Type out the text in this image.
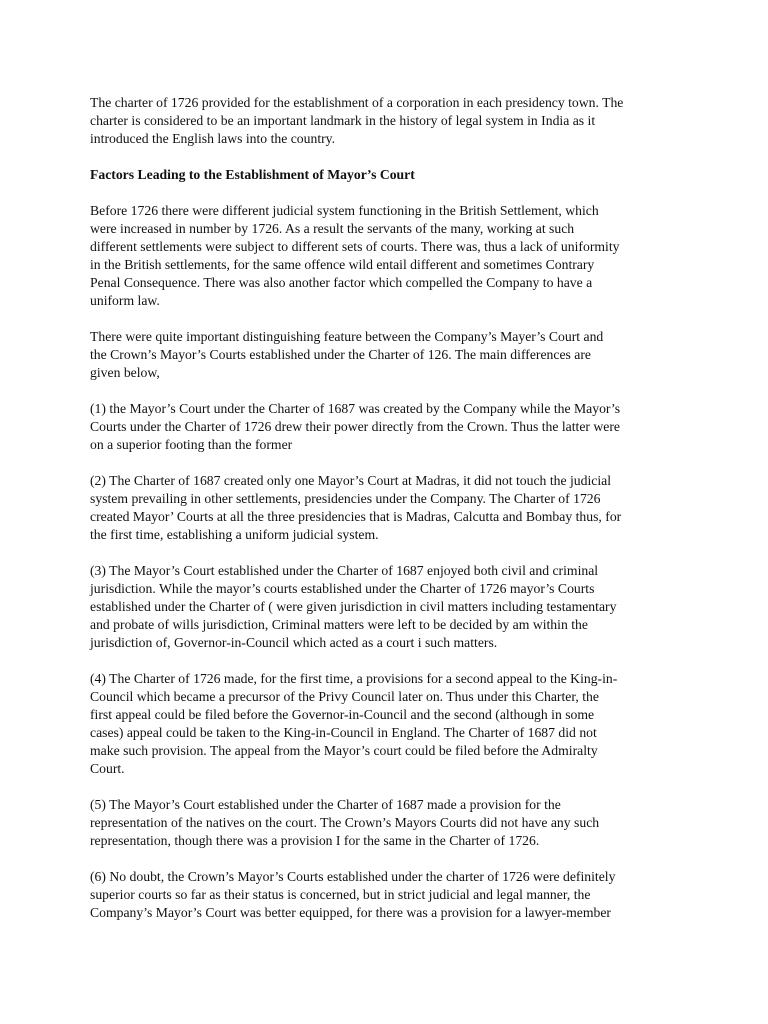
The charter of 1726 provided for the establishment of a corporation in each presidency town. The
charter is considered to be an important landmark in the history of legal system in India as it
introduced the English laws into the country.

Factors Leading to the Establishment of Mayor’s Court

Before 1726 there were different judicial system functioning in the British Settlement, which
were increased in number by 1726. As a result the servants of the many, working at such
different settlements were subject to different sets of courts. There was, thus a lack of uniformity
in the British settlements, for the same offence wild entail different and sometimes Contrary
Penal Consequence. There was also another factor which compelled the Company to have a
uniform law.

There were quite important distinguishing feature between the Company’s Mayer’s Court and
the Crown’s Mayor’s Courts established under the Charter of 126. The main differences are
given below,

(1) the Mayor’s Court under the Charter of 1687 was created by the Company while the Mayor’s
Courts under the Charter of 1726 drew their power directly from the Crown. Thus the latter were
on a superior footing than the former

(2) The Charter of 1687 created only one Mayor’s Court at Madras, it did not touch the judicial
system prevailing in other settlements, presidencies under the Company. The Charter of 1726
created Mayor’ Courts at all the three presidencies that is Madras, Calcutta and Bombay thus, for
the first time, establishing a uniform judicial system.

(3) The Mayor’s Court established under the Charter of 1687 enjoyed both civil and criminal
jurisdiction. While the mayor’s courts established under the Charter of 1726 mayor’s Courts
established under the Charter of ( were given jurisdiction in civil matters including testamentary
and probate of wills jurisdiction, Criminal matters were left to be decided by am within the
jurisdiction of, Governor-in-Council which acted as a court i such matters.

(4) The Charter of 1726 made, for the first time, a provisions for a second appeal to the King-in-
Council which became a precursor of the Privy Council later on. Thus under this Charter, the
first appeal could be filed before the Governor-in-Council and the second (although in some
cases) appeal could be taken to the King-in-Council in England. The Charter of 1687 did not
make such provision. The appeal from the Mayor’s court could be filed before the Admiralty
Court.

(5) The Mayor’s Court established under the Charter of 1687 made a provision for the
representation of the natives on the court. The Crown’s Mayors Courts did not have any such
representation, though there was a provision I for the same in the Charter of 1726.

(6) No doubt, the Crown’s Mayor’s Courts established under the charter of 1726 were definitely
superior courts so far as their status is concerned, but in strict judicial and legal manner, the
Company’s Mayor’s Court was better equipped, for there was a provision for a lawyer-member
